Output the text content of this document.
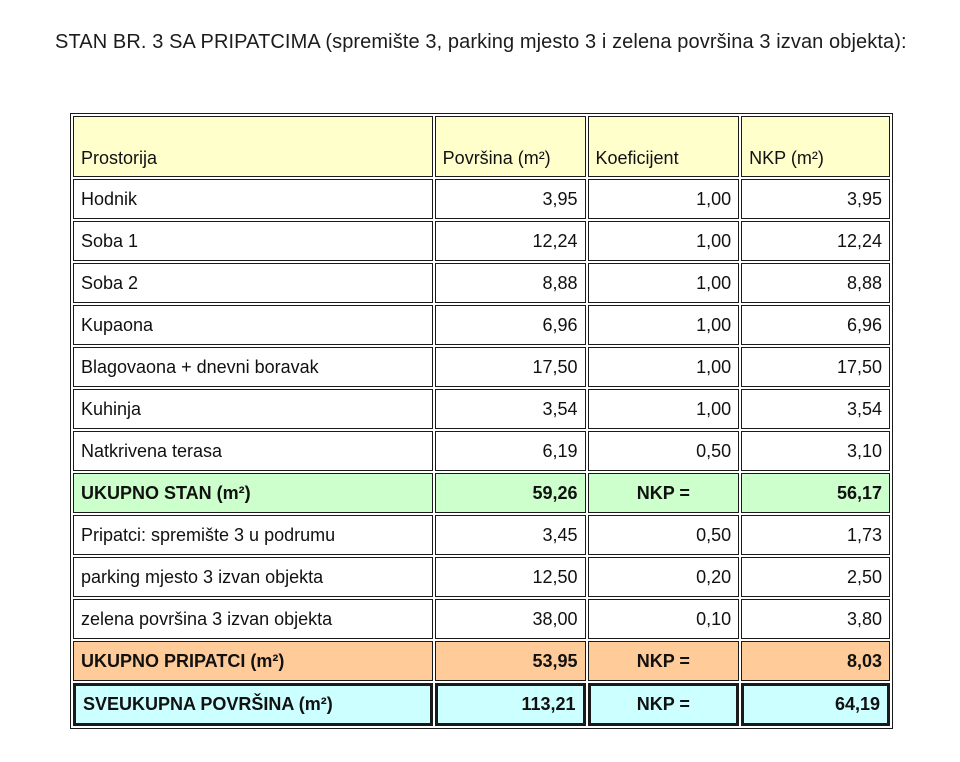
STAN BR. 3 SA PRIPATCIMA (spremište 3, parking mjesto 3 i zelena površina 3 izvan objekta):
Prostorija	Površina (m²)	Koeficijent	NKP (m²)
Hodnik	3,95	1,00	3,95
Soba 1	12,24	1,00	12,24
Soba 2	8,88	1,00	8,88
Kupaona	6,96	1,00	6,96
Blagovaona + dnevni boravak	17,50	1,00	17,50
Kuhinja	3,54	1,00	3,54
Natkrivena terasa	6,19	0,50	3,10
UKUPNO STAN (m²)	59,26	NKP =	56,17
Pripatci: spremište 3 u podrumu	3,45	0,50	1,73
parking mjesto 3 izvan objekta	12,50	0,20	2,50
zelena površina 3 izvan objekta	38,00	0,10	3,80
UKUPNO PRIPATCI (m²)	53,95	NKP =	8,03
SVEUKUPNA POVRŠINA (m²)	113,21	NKP =	64,19
